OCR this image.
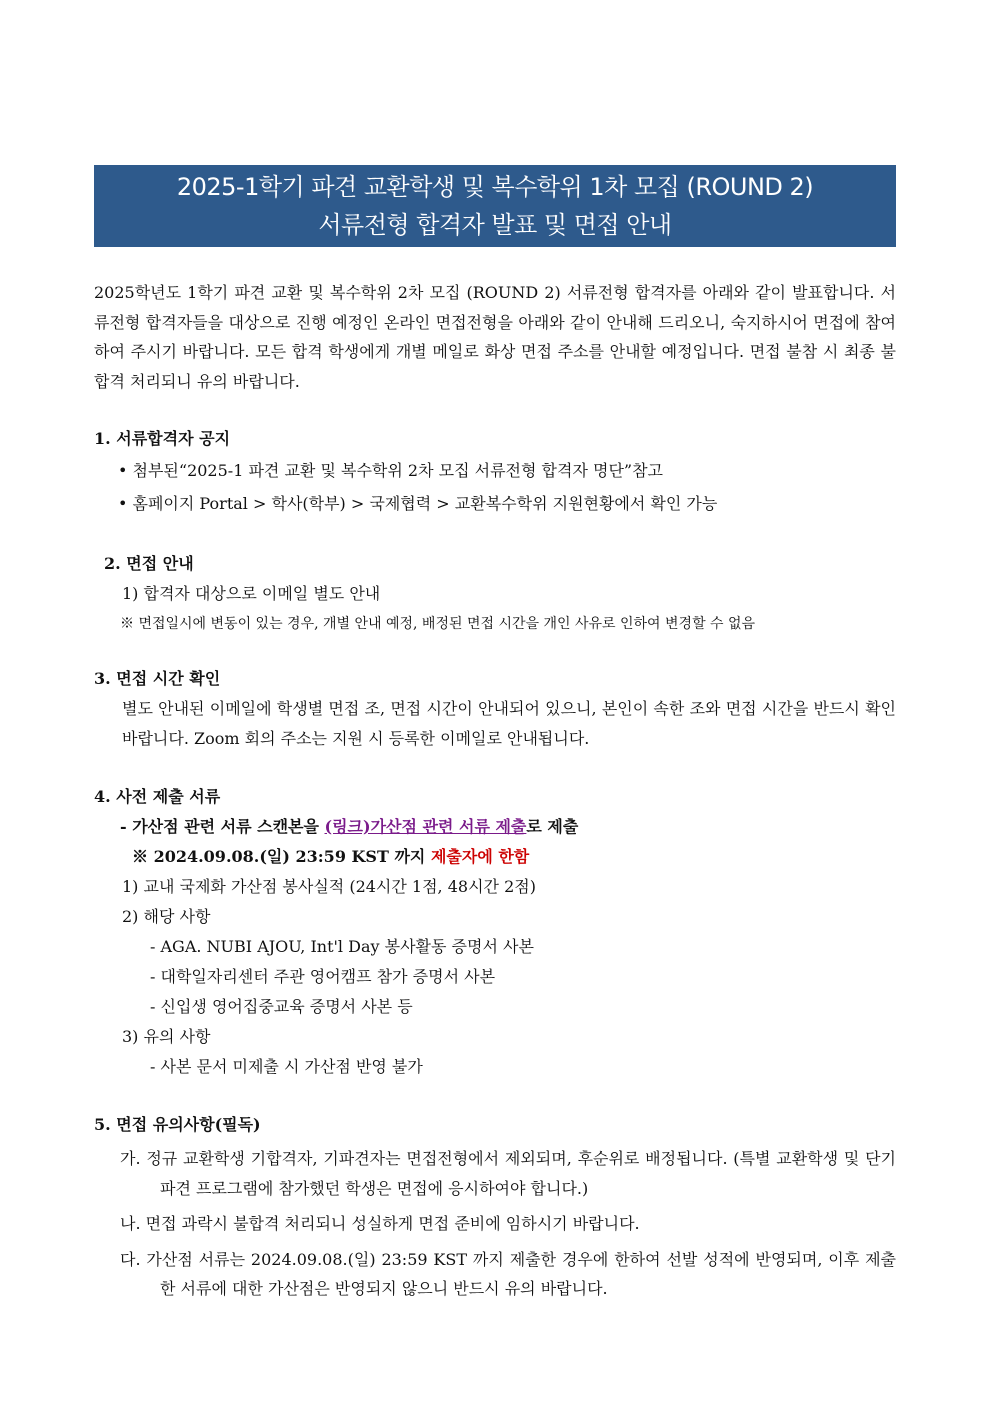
2025-1학기 파견 교환학생 및 복수학위 1차 모집 (ROUND 2)
서류전형 합격자 발표 및 면접 안내
2025학년도 1학기 파견 교환 및 복수학위 2차 모집 (ROUND 2) 서류전형 합격자를 아래와 같이 발표합니다. 서류전형 합격자들을 대상으로 진행 예정인 온라인 면접전형을 아래와 같이 안내해 드리오니, 숙지하시어 면접에 참여하여 주시기 바랍니다. 모든 합격 학생에게 개별 메일로 화상 면접 주소를 안내할 예정입니다. 면접 불참 시 최종 불합격 처리되니 유의 바랍니다.
1. 서류합격자 공지
• 첨부된“2025-1 파견 교환 및 복수학위 2차 모집 서류전형 합격자 명단”참고
• 홈페이지 Portal > 학사(학부) > 국제협력 > 교환복수학위 지원현황에서 확인 가능
2. 면접 안내
1) 합격자 대상으로 이메일 별도 안내
※ 면접일시에 변동이 있는 경우, 개별 안내 예정, 배정된 면접 시간을 개인 사유로 인하여 변경할 수 없음
3. 면접 시간 확인
별도 안내된 이메일에 학생별 면접 조, 면접 시간이 안내되어 있으니, 본인이 속한 조와 면접 시간을 반드시 확인 바랍니다. Zoom 회의 주소는 지원 시 등록한 이메일로 안내됩니다.
4. 사전 제출 서류
- 가산점 관련 서류 스캔본을 (링크)가산점 관련 서류 제출로 제출
※ 2024.09.08.(일) 23:59 KST 까지 제출자에 한함
1) 교내 국제화 가산점 봉사실적 (24시간 1점, 48시간 2점)
2) 해당 사항
- AGA. NUBI AJOU, Int'l Day 봉사활동 증명서 사본
- 대학일자리센터 주관 영어캠프 참가 증명서 사본
- 신입생 영어집중교육 증명서 사본 등
3) 유의 사항
- 사본 문서 미제출 시 가산점 반영 불가
5. 면접 유의사항(필독)
가. 정규 교환학생 기합격자, 기파견자는 면접전형에서 제외되며, 후순위로 배정됩니다. (특별 교환학생 및 단기 파견 프로그램에 참가했던 학생은 면접에 응시하여야 합니다.)
나. 면접 과락시 불합격 처리되니 성실하게 면접 준비에 임하시기 바랍니다.
다. 가산점 서류는 2024.09.08.(일) 23:59 KST 까지 제출한 경우에 한하여 선발 성적에 반영되며, 이후 제출한 서류에 대한 가산점은 반영되지 않으니 반드시 유의 바랍니다.
